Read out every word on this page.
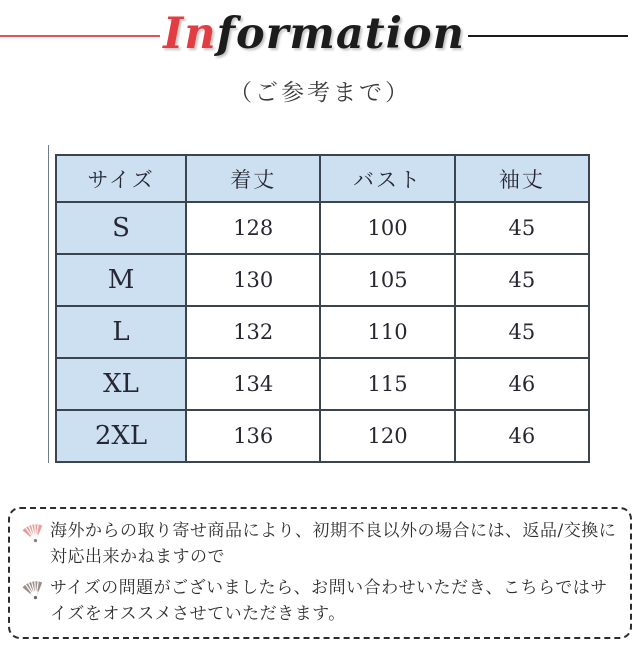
Information
（ご参考まで）
サイズ	着丈	バスト	袖丈
S	128	100	45
M	130	105	45
L	132	110	45
XL	134	115	46
2XL	136	120	46

海外からの取り寄せ商品により、初期不良以外の場合には、返品/交換に対応出来かねますので

サイズの問題がございましたら、お問い合わせいただき、こちらではサイズをオススメさせていただきます。
